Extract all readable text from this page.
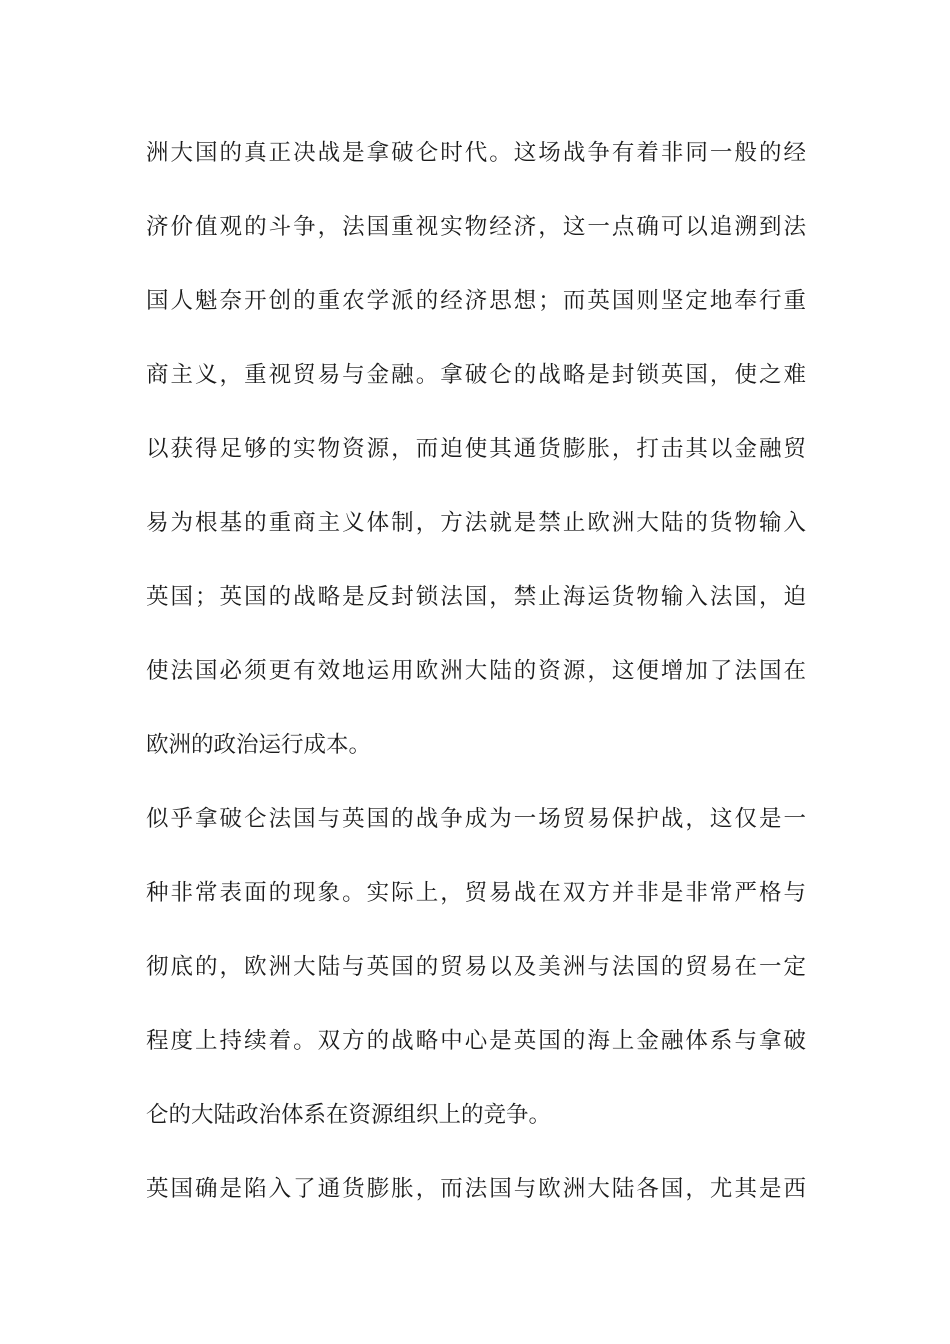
洲大国的真正决战是拿破仑时代。这场战争有着非同一般的经
济价值观的斗争，法国重视实物经济，这一点确可以追溯到法
国人魁奈开创的重农学派的经济思想；而英国则坚定地奉行重
商主义，重视贸易与金融。拿破仑的战略是封锁英国，使之难
以获得足够的实物资源，而迫使其通货膨胀，打击其以金融贸
易为根基的重商主义体制，方法就是禁止欧洲大陆的货物输入
英国；英国的战略是反封锁法国，禁止海运货物输入法国，迫
使法国必须更有效地运用欧洲大陆的资源，这便增加了法国在
欧洲的政治运行成本。
似乎拿破仑法国与英国的战争成为一场贸易保护战，这仅是一
种非常表面的现象。实际上，贸易战在双方并非是非常严格与
彻底的，欧洲大陆与英国的贸易以及美洲与法国的贸易在一定
程度上持续着。双方的战略中心是英国的海上金融体系与拿破
仑的大陆政治体系在资源组织上的竞争。
英国确是陷入了通货膨胀，而法国与欧洲大陆各国，尤其是西
